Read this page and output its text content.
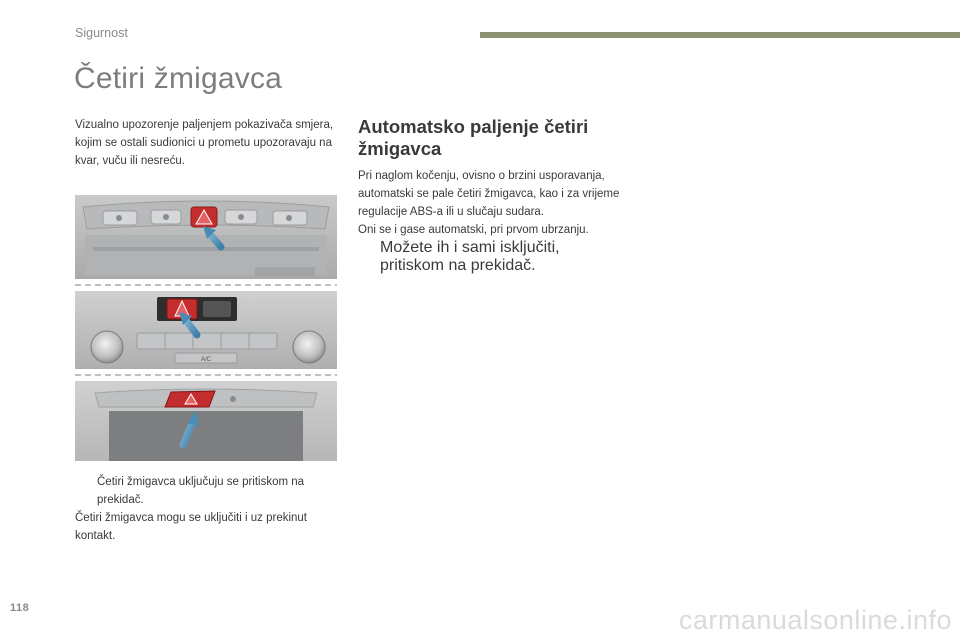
Sigurnost
Četiri žmigavca

Vizualno upozorenje paljenjem pokazivača smjera, kojim se ostali sudionici u prometu upozoravaju na kvar, vuču ili nesreću.

A/C
Četiri žmigavca uključuju se pritiskom na prekidač.

Četiri žmigavca mogu se uključiti i uz prekinut kontakt.

Automatsko paljenje četiri žmigavca

Pri naglom kočenju, ovisno o brzini usporavanja, automatski se pale četiri žmigavca, kao i za vrijeme regulacije ABS-a ili u slučaju sudara.

Oni se i gase automatski, pri prvom ubrzanju.

Možete ih i sami isključiti, pritiskom na prekidač.
118	carmanualsonline.info
